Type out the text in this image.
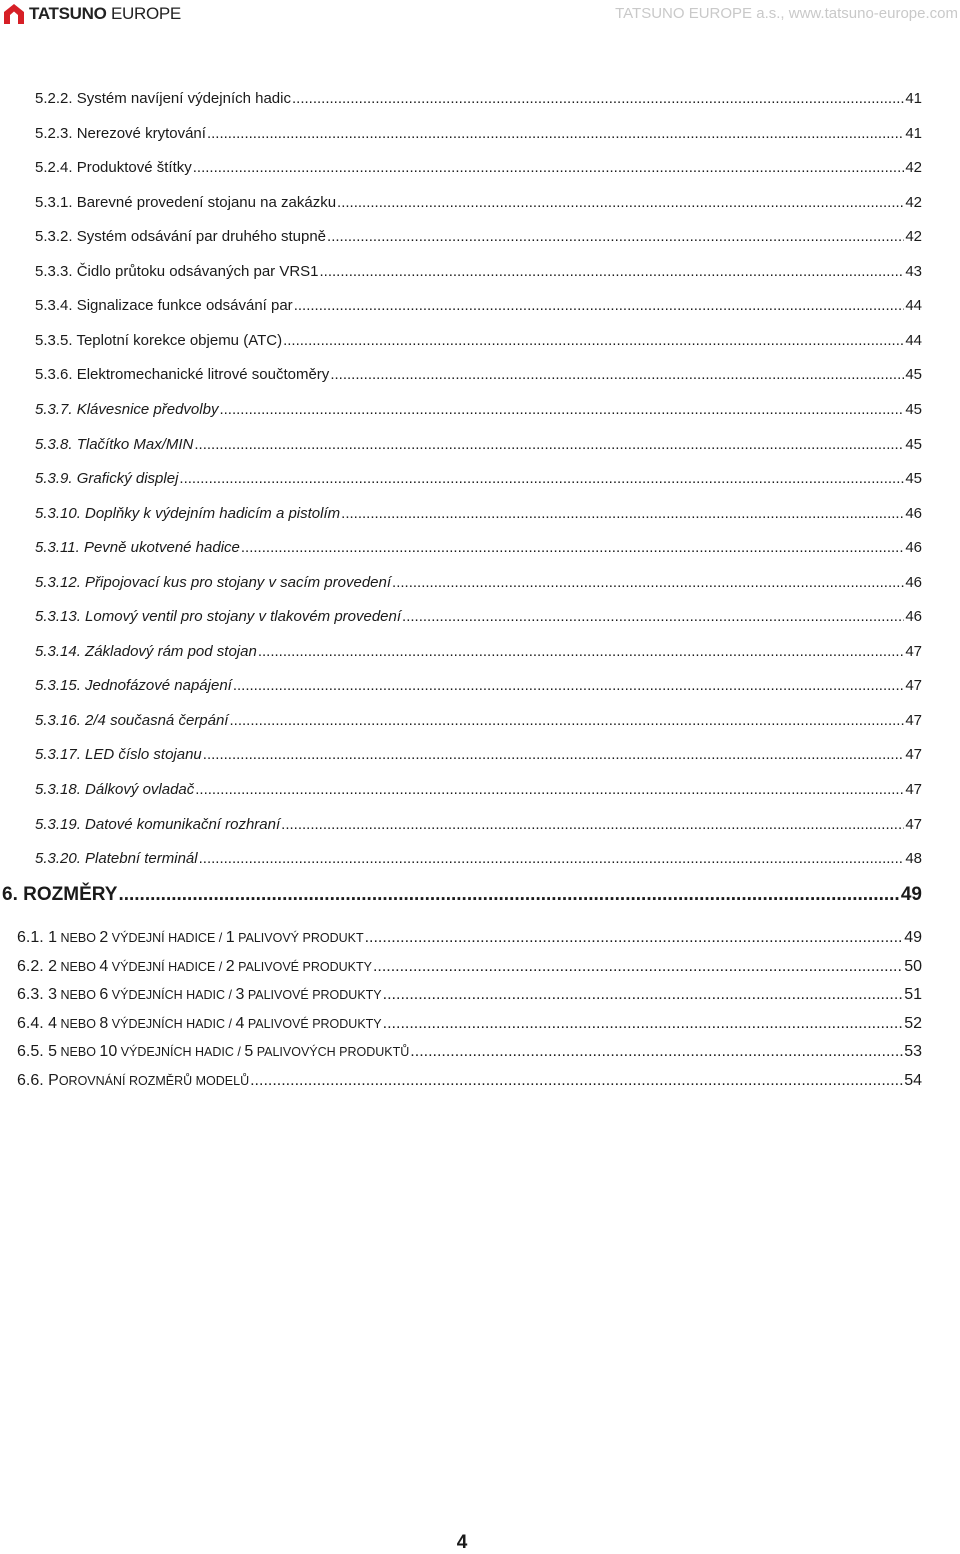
TATSUNO EUROPE	TATSUNO EUROPE a.s., www.tatsuno-europe.com
5.2.2. Systém navíjení výdejních hadic .....	41
5.2.3. Nerezové krytování .....	41
5.2.4. Produktové štítky .....	42
5.3.1. Barevné provedení stojanu na zakázku .....	42
5.3.2. Systém odsávání par druhého stupně .....	42
5.3.3. Čidlo průtoku odsávaných par VRS1 .....	43
5.3.4. Signalizace funkce odsávání par .....	44
5.3.5. Teplotní korekce objemu (ATC) .....	44
5.3.6. Elektromechanické litrové součtoměry .....	45
5.3.7. Klávesnice předvolby .....	45
5.3.8. Tlačítko Max/MIN .....	45
5.3.9. Grafický displej .....	45
5.3.10. Doplňky k výdejním hadicím a pistolím .....	46
5.3.11. Pevně ukotvené hadice .....	46
5.3.12. Připojovací kus pro stojany v sacím provedení .....	46
5.3.13. Lomový ventil pro stojany v tlakovém provedení .....	46
5.3.14. Základový rám pod stojan .....	47
5.3.15. Jednofázové napájení .....	47
5.3.16. 2/4 současná čerpání .....	47
5.3.17. LED číslo stojanu .....	47
5.3.18. Dálkový ovladač .....	47
5.3.19. Datové komunikační rozhraní .....	47
5.3.20. Platební terminál .....	48
6. ROZMĚRY .....	49
6.1. 1 NEBO 2 VÝDEJNÍ HADICE / 1 PALIVOVÝ PRODUKT .....	49
6.2. 2 NEBO 4 VÝDEJNÍ HADICE / 2 PALIVOVÉ PRODUKTY .....	50
6.3. 3 NEBO 6 VÝDEJNÍCH HADIC / 3 PALIVOVÉ PRODUKTY .....	51
6.4. 4 NEBO 8 VÝDEJNÍCH HADIC / 4 PALIVOVÉ PRODUKTY .....	52
6.5. 5 NEBO 10 VÝDEJNÍCH HADIC / 5 PALIVOVÝCH PRODUKTŮ .....	53
6.6. POROVNÁNÍ ROZMĚRŮ MODELŮ .....	54
4
